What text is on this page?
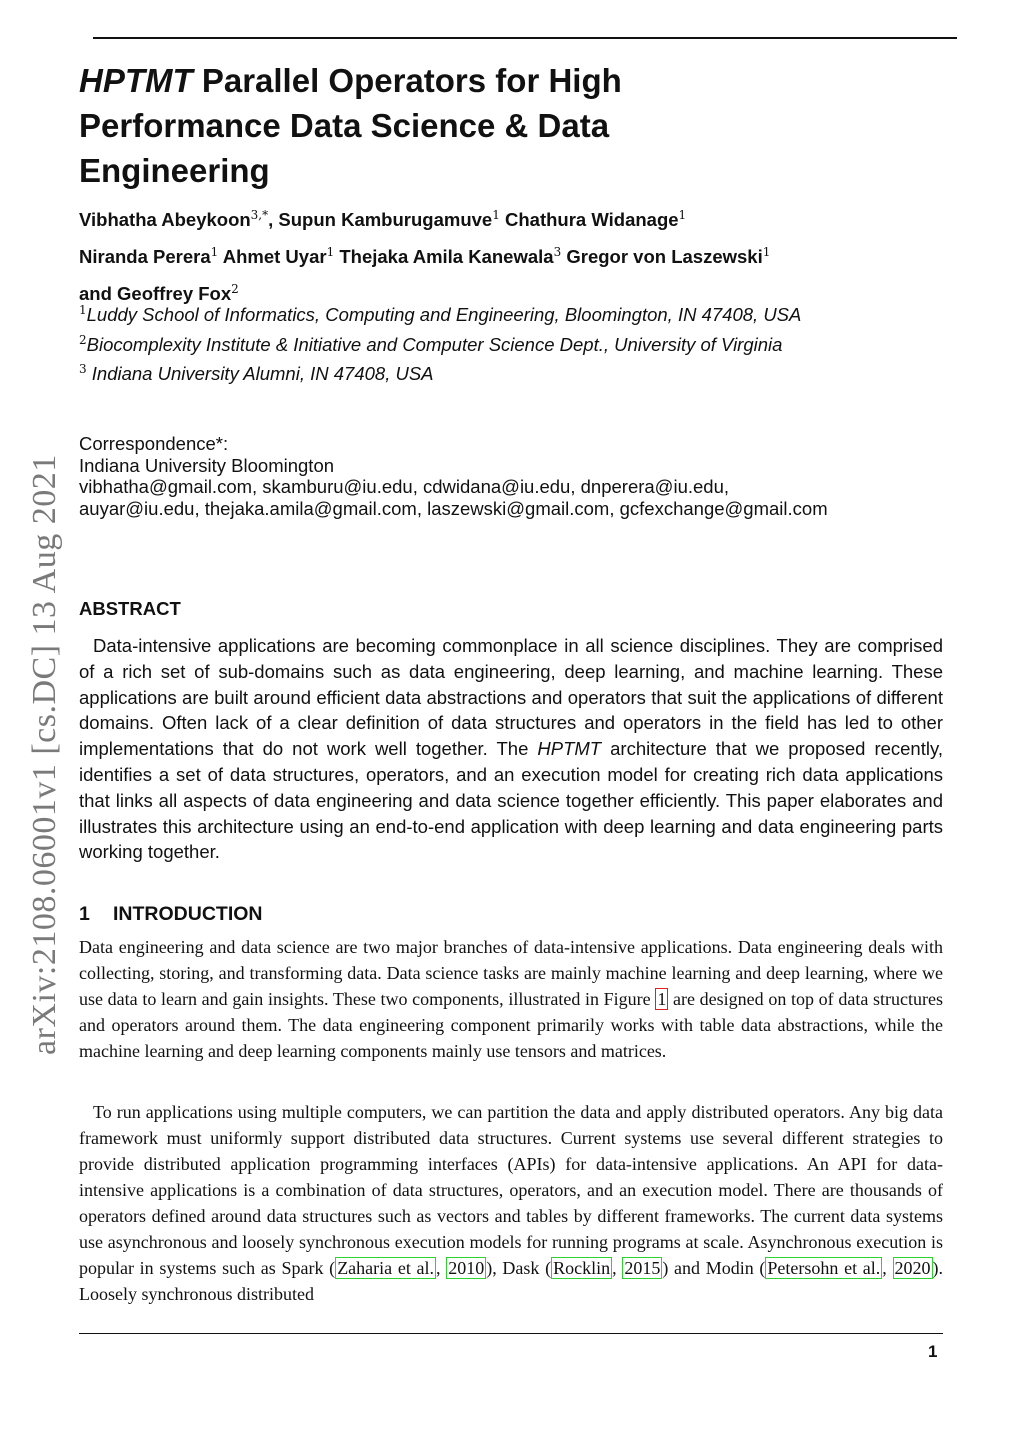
arXiv:2108.06001v1 [cs.DC] 13 Aug 2021
HPTMT Parallel Operators for High Performance Data Science & Data Engineering
Vibhatha Abeykoon$^{3,*}$, Supun Kamburugamuve$^1$ Chathura Widanage$^1$
Niranda Perera$^1$ Ahmet Uyar$^1$ Thejaka Amila Kanewala$^3$ Gregor von Laszewski$^1$ and Geoffrey Fox$^2$
$^1$Luddy School of Informatics, Computing and Engineering, Bloomington, IN 47408, USA
$^2$Biocomplexity Institute & Initiative and Computer Science Dept., University of Virginia
$^3$ Indiana University Alumni, IN 47408, USA
Correspondence*:
Indiana University Bloomington
vibhatha@gmail.com, skamburu@iu.edu, cdwidana@iu.edu, dnperera@iu.edu, auyar@iu.edu, thejaka.amila@gmail.com, laszewski@gmail.com, gcfexchange@gmail.com
ABSTRACT
Data-intensive applications are becoming commonplace in all science disciplines. They are comprised of a rich set of sub-domains such as data engineering, deep learning, and machine learning. These applications are built around efficient data abstractions and operators that suit the applications of different domains. Often lack of a clear definition of data structures and operators in the field has led to other implementations that do not work well together. The HPTMT architecture that we proposed recently, identifies a set of data structures, operators, and an execution model for creating rich data applications that links all aspects of data engineering and data science together efficiently. This paper elaborates and illustrates this architecture using an end-to-end application with deep learning and data engineering parts working together.
1 INTRODUCTION
Data engineering and data science are two major branches of data-intensive applications. Data engineering deals with collecting, storing, and transforming data. Data science tasks are mainly machine learning and deep learning, where we use data to learn and gain insights. These two components, illustrated in Figure 1 are designed on top of data structures and operators around them. The data engineering component primarily works with table data abstractions, while the machine learning and deep learning components mainly use tensors and matrices.
To run applications using multiple computers, we can partition the data and apply distributed operators. Any big data framework must uniformly support distributed data structures. Current systems use several different strategies to provide distributed application programming interfaces (APIs) for data-intensive applications. An API for data-intensive applications is a combination of data structures, operators, and an execution model. There are thousands of operators defined around data structures such as vectors and tables by different frameworks. The current data systems use asynchronous and loosely synchronous execution models for running programs at scale. Asynchronous execution is popular in systems such as Spark ( Zaharia et al. , 2010 ), Dask ( Rocklin , 2015 ) and Modin ( Petersohn et al. , 2020 ). Loosely synchronous distributed
1
